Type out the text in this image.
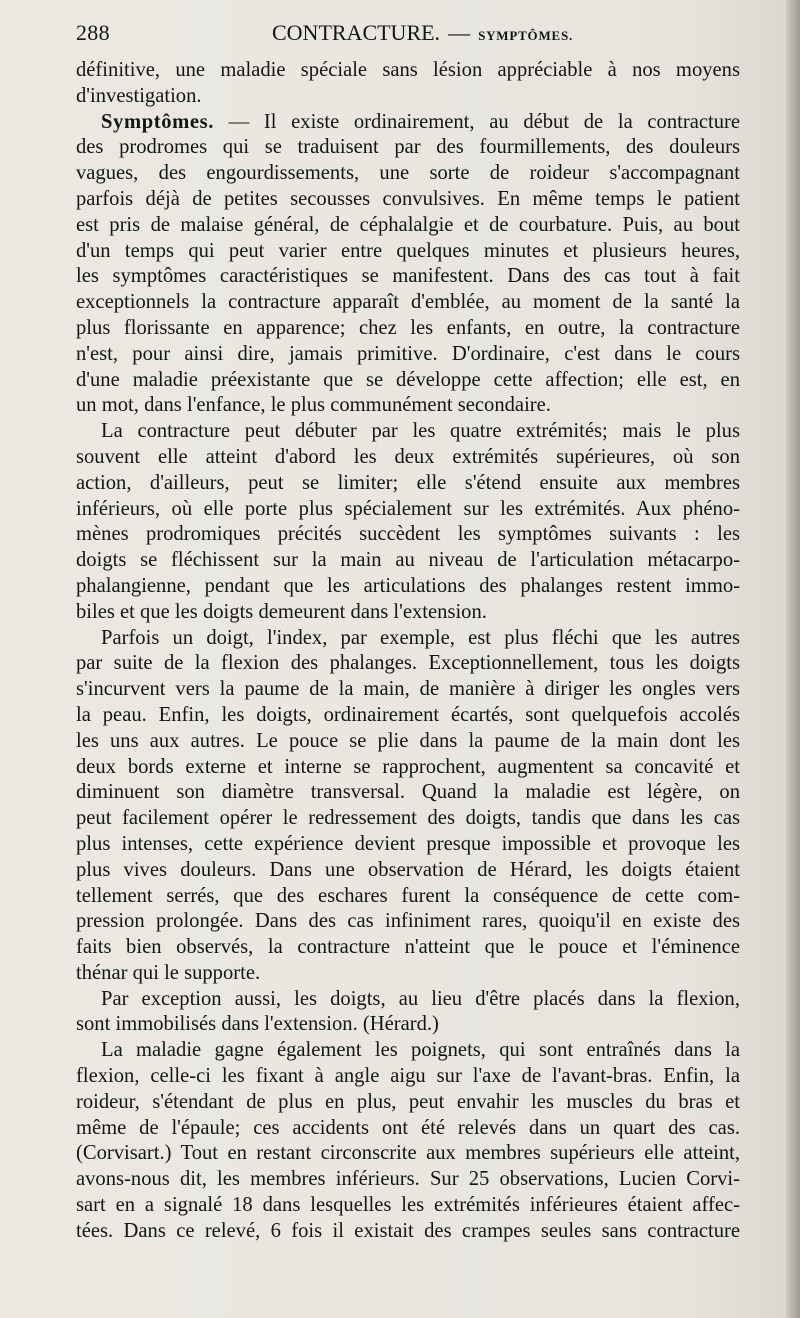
288	CONTRACTURE. — SYMPTÔMES.
définitive, une maladie spéciale sans lésion appréciable à nos moyens
d'investigation.
Symptômes. — Il existe ordinairement, au début de la contracture
des prodromes qui se traduisent par des fourmillements, des douleurs
vagues, des engourdissements, une sorte de roideur s'accompagnant
parfois déjà de petites secousses convulsives. En même temps le patient
est pris de malaise général, de céphalalgie et de courbature. Puis, au bout
d'un temps qui peut varier entre quelques minutes et plusieurs heures,
les symptômes caractéristiques se manifestent. Dans des cas tout à fait
exceptionnels la contracture apparaît d'emblée, au moment de la santé la
plus florissante en apparence; chez les enfants, en outre, la contracture
n'est, pour ainsi dire, jamais primitive. D'ordinaire, c'est dans le cours
d'une maladie préexistante que se développe cette affection; elle est, en
un mot, dans l'enfance, le plus communément secondaire.
La contracture peut débuter par les quatre extrémités; mais le plus
souvent elle atteint d'abord les deux extrémités supérieures, où son
action, d'ailleurs, peut se limiter; elle s'étend ensuite aux membres
inférieurs, où elle porte plus spécialement sur les extrémités. Aux phéno-
mènes prodromiques précités succèdent les symptômes suivants : les
doigts se fléchissent sur la main au niveau de l'articulation métacarpo-
phalangienne, pendant que les articulations des phalanges restent immo-
biles et que les doigts demeurent dans l'extension.
Parfois un doigt, l'index, par exemple, est plus fléchi que les autres
par suite de la flexion des phalanges. Exceptionnellement, tous les doigts
s'incurvent vers la paume de la main, de manière à diriger les ongles vers
la peau. Enfin, les doigts, ordinairement écartés, sont quelquefois accolés
les uns aux autres. Le pouce se plie dans la paume de la main dont les
deux bords externe et interne se rapprochent, augmentent sa concavité et
diminuent son diamètre transversal. Quand la maladie est légère, on
peut facilement opérer le redressement des doigts, tandis que dans les cas
plus intenses, cette expérience devient presque impossible et provoque les
plus vives douleurs. Dans une observation de Hérard, les doigts étaient
tellement serrés, que des eschares furent la conséquence de cette com-
pression prolongée. Dans des cas infiniment rares, quoiqu'il en existe des
faits bien observés, la contracture n'atteint que le pouce et l'éminence
thénar qui le supporte.
Par exception aussi, les doigts, au lieu d'être placés dans la flexion,
sont immobilisés dans l'extension. (Hérard.)
La maladie gagne également les poignets, qui sont entraînés dans la
flexion, celle-ci les fixant à angle aigu sur l'axe de l'avant-bras. Enfin, la
roideur, s'étendant de plus en plus, peut envahir les muscles du bras et
même de l'épaule; ces accidents ont été relevés dans un quart des cas.
(Corvisart.) Tout en restant circonscrite aux membres supérieurs elle atteint,
avons-nous dit, les membres inférieurs. Sur 25 observations, Lucien Corvi-
sart en a signalé 18 dans lesquelles les extrémités inférieures étaient affec-
tées. Dans ce relevé, 6 fois il existait des crampes seules sans contracture
